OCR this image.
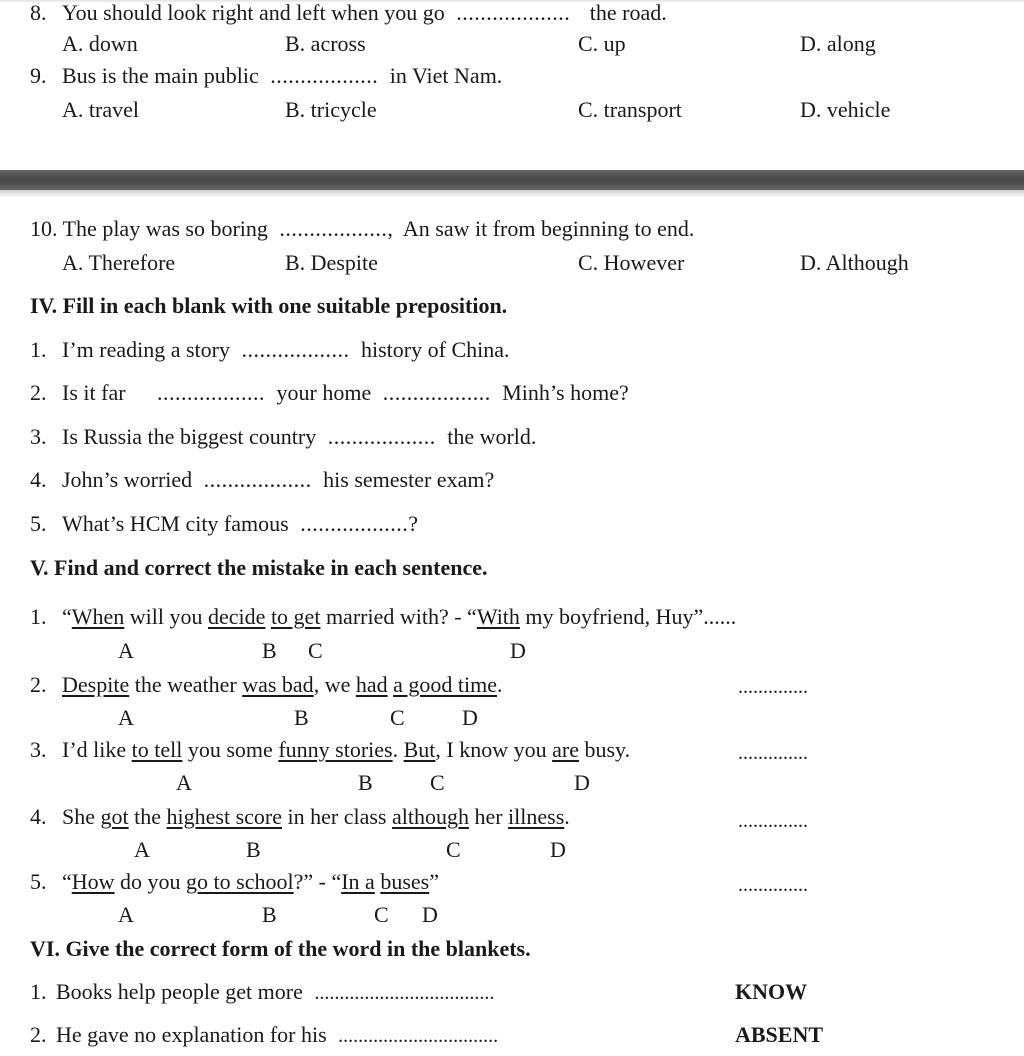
8. You should look right and left when you go ................... the road.
A. down	B. across	C. up	D. along
9. Bus is the main public .................. in Viet Nam.
A. travel	B. tricycle	C. transport	D. vehicle
10. The play was so boring .................., An saw it from beginning to end.
A. Therefore	B. Despite	C. However	D. Although
IV. Fill in each blank with one suitable preposition.
1. I’m reading a story .................. history of China.
2. Is it far .................. your home .................. Minh’s home?
3. Is Russia the biggest country .................. the world.
4. John’s worried .................. his semester exam?
5. What’s HCM city famous ..................?
V. Find and correct the mistake in each sentence.
1. “When will you decide to get married with? - “With my boyfriend, Huy”......
A	B C	D
2. Despite the weather was bad, we had a good time.	..............
A	B	C	D
3. I’d like to tell you some funny stories. But, I know you are busy.	..............
A	B	C	D
4. She got the highest score in her class although her illness.	..............
A	B	C	D
5. “How do you go to school?” - “In a buses”	..............
A	B	C D
VI. Give the correct form of the word in the blankets.
1. Books help people get more ....................................	KNOW
2. He gave no explanation for his ................................	ABSENT
